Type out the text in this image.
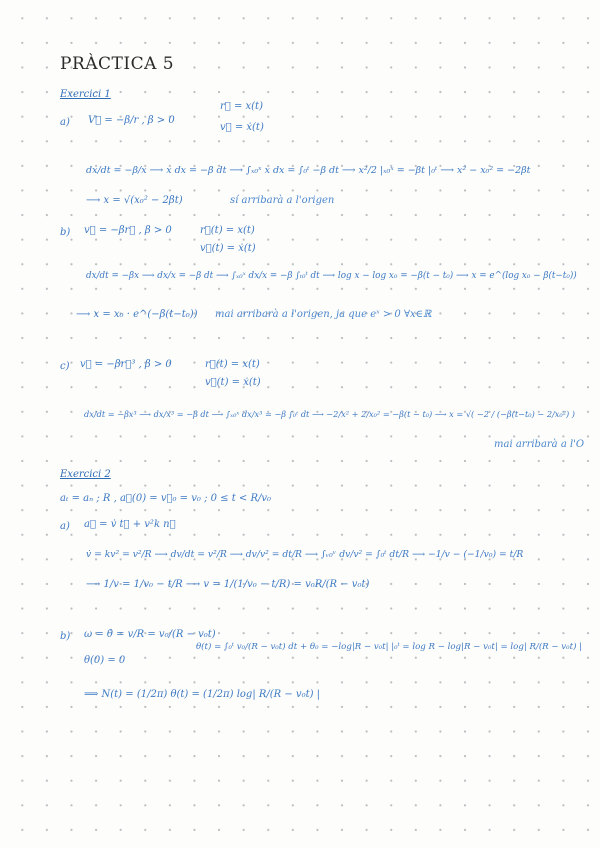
PRÀCTICA 5
Exercici 1
a) V⃗ = −β/r , β > 0
r⃗ = x(t)
v⃗ = ẋ(t)
dx/dt = −β/x ⟶ x dx = −β dt ⟶ ∫ₓ₀ˣ x dx = ∫₀ᵗ −β dt ⟶ x²/2 |ₓ₀ˣ = −βt |₀ᵗ ⟶ x² − x₀² = −2βt
⟶ x = √(x₀² − 2βt)	sí arribarà a l'origen
b) v⃗ = −βr⃗ , β > 0	r⃗(t) = x(t)
v⃗(t) = ẋ(t)
dx/dt = −βx ⟶ dx/x = −β dt ⟶ ∫ₓ₀ˣ dx/x = −β ∫ₜ₀ᵗ dt ⟶ log x − log x₀ = −β(t − t₀) ⟶ x = e^(log x₀ − β(t−t₀))
⟶ x = x₀ · e^(−β(t−t₀)) mai arribarà a l'origen, ja que eˣ > 0 ∀x∈ℝ
c) v⃗ = −βr⃗³ , β > 0	r⃗(t) = x(t)
v⃗(t) = ẋ(t)
dx/dt = −βx³ ⟶ dx/x³ = −β dt ⟶ ∫ₓ₀ˣ dx/x³ = −β ∫₀ᵗ dt ⟶ −2/x² + 2/x₀² = −β(t − t₀) ⟶ x = √( −2 / (−β(t−t₀) − 2/x₀²) )
mai arribarà a l'O
Exercici 2
aₜ = aₙ ; R , a⃗(0) = v⃗₀ = v₀ ; 0 ≤ t < R/v₀
a) a⃗ = v̇ t⃗ + v²k n⃗
v̇ = kv² = v²/R ⟶ dv/dt = v²/R ⟶ dv/v² = dt/R ⟶ ∫ᵥ₀ᵛ dv/v² = ∫₀ᵗ dt/R ⟶ −1/v − (−1/v₀) = t/R
⟶ 1/v = 1/v₀ − t/R ⟶ v = 1/(1/v₀ − t/R) = v₀R/(R − v₀t)
b) ω = θ̇ = v/R = v₀/(R − v₀t)
θ(0) = 0
θ(t) = ∫₀ᵗ v₀/(R − v₀t) dt + θ₀ = −log|R − v₀t| |₀ᵗ = log R − log|R − v₀t| = log| R/(R − v₀t) |
⟹ N(t) = (1/2π) θ(t) = (1/2π) log| R/(R − v₀t) |
